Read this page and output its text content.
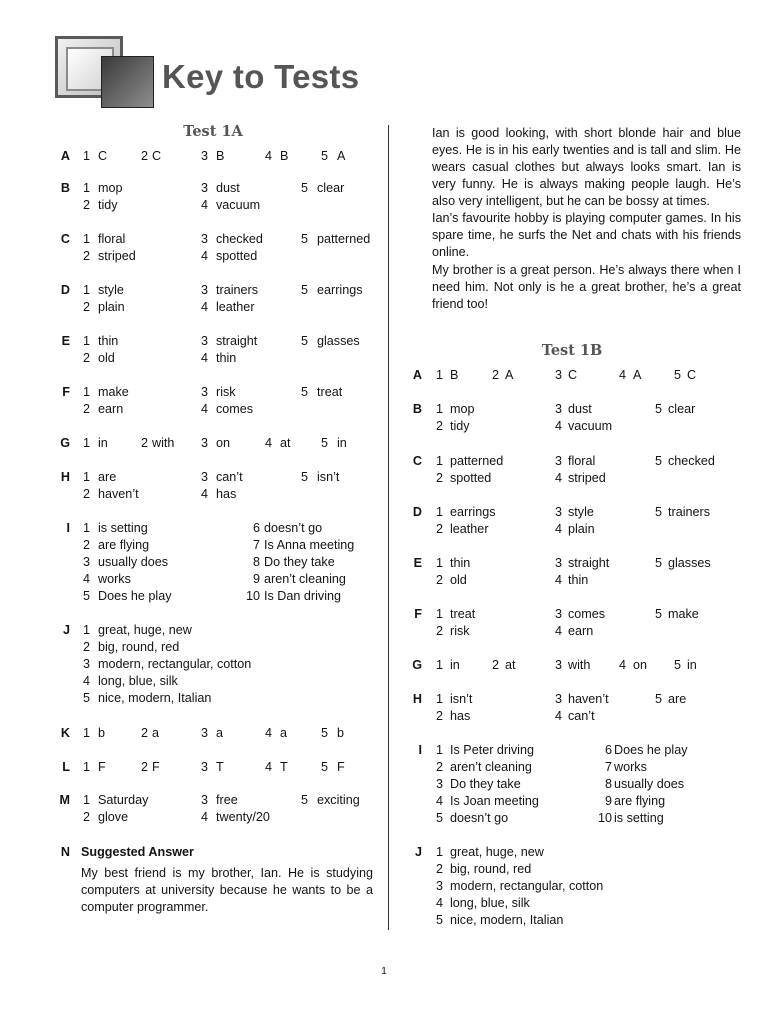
Key to Tests
Test 1A
A	1 C	2 C	3 B	4 B	5 A
B	1 mop	3 dust	5 clear
2 tidy	4 vacuum
C	1 floral	3 checked	5 patterned
2 striped	4 spotted
D	1 style	3 trainers	5 earrings
2 plain	4 leather
E	1 thin	3 straight	5 glasses
2 old	4 thin
F	1 make	3 risk	5 treat
2 earn	4 comes
G	1 in	2 with	3 on	4 at	5 in
H	1 are	3 can’t	5 isn’t
2 haven’t	4 has
I	1 is setting	6 doesn’t go
2 are flying	7 Is Anna meeting
3 usually does	8 Do they take
4 works	9 aren’t cleaning
5 Does he play	10 Is Dan driving
J	1 great, huge, new
2 big, round, red
3 modern, rectangular, cotton
4 long, blue, silk
5 nice, modern, Italian
K	1 b	2 a	3 a	4 a	5 b
L	1 F	2 F	3 T	4 T	5 F
M	1 Saturday	3 free	5 exciting
2 glove	4 twenty/20
N Suggested Answer

My best friend is my brother, Ian. He is studying computers at university because he wants to be a computer programmer.

Ian is good looking, with short blonde hair and blue eyes. He is in his early twenties and is tall and slim. He wears casual clothes but always looks smart. Ian is very funny. He is always making people laugh. He’s also very intelligent, but he can be bossy at times.

Ian’s favourite hobby is playing computer games. In his spare time, he surfs the Net and chats with his friends online.

My brother is a great person. He’s always there when I need him. Not only is he a great brother, he’s a great friend too!

Test 1B
A	1 B	2 A	3 C	4 A	5 C
B	1 mop	3 dust	5 clear
2 tidy	4 vacuum
C	1 patterned	3 floral	5 checked
2 spotted	4 striped
D	1 earrings	3 style	5 trainers
2 leather	4 plain
E	1 thin	3 straight	5 glasses
2 old	4 thin
F	1 treat	3 comes	5 make
2 risk	4 earn
G	1 in	2 at	3 with	4 on	5 in
H	1 isn’t	3 haven’t	5 are
2 has	4 can’t
I	1 Is Peter driving	6 Does he play
2 aren’t cleaning	7 works
3 Do they take	8 usually does
4 Is Joan meeting	9 are flying
5 doesn’t go	10 is setting
J	1 great, huge, new
2 big, round, red
3 modern, rectangular, cotton
4 long, blue, silk
5 nice, modern, Italian
1
